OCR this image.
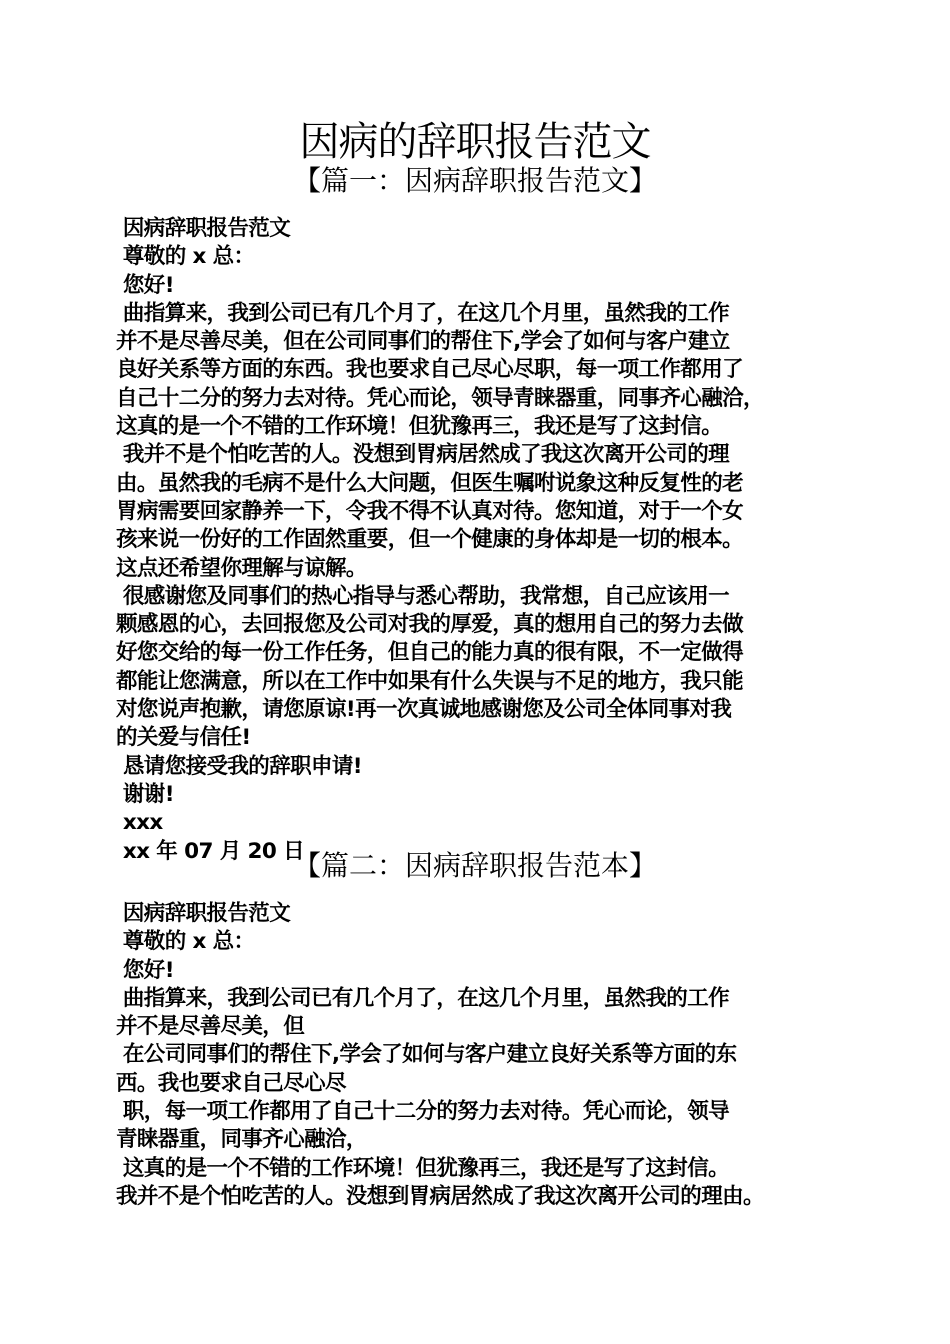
因病的辞职报告范文
【篇一：因病辞职报告范文】

因病辞职报告范文

尊敬的 x 总：

您好!

曲指算来，我到公司已有几个月了，在这几个月里，虽然我的工作

并不是尽善尽美，但在公司同事们的帮住下,学会了如何与客户建立

良好关系等方面的东西。我也要求自己尽心尽职，每一项工作都用了

自己十二分的努力去对待。凭心而论，领导青睐器重，同事齐心融洽，

这真的是一个不错的工作环境！但犹豫再三，我还是写了这封信。

我并不是个怕吃苦的人。没想到胃病居然成了我这次离开公司的理

由。虽然我的毛病不是什么大问题，但医生嘱咐说象这种反复性的老

胃病需要回家静养一下，令我不得不认真对待。您知道，对于一个女

孩来说一份好的工作固然重要，但一个健康的身体却是一切的根本。

这点还希望你理解与谅解。

很感谢您及同事们的热心指导与悉心帮助，我常想，自己应该用一

颗感恩的心，去回报您及公司对我的厚爱，真的想用自己的努力去做

好您交给的每一份工作任务，但自己的能力真的很有限，不一定做得

都能让您满意，所以在工作中如果有什么失误与不足的地方，我只能

对您说声抱歉，请您原谅!再一次真诚地感谢您及公司全体同事对我

的关爱与信任!

恳请您接受我的辞职申请!

谢谢!

xxx

xx 年 07 月 20 日

【篇二：因病辞职报告范本】

因病辞职报告范文

尊敬的 x 总：

您好!

曲指算来，我到公司已有几个月了，在这几个月里，虽然我的工作

并不是尽善尽美，但

在公司同事们的帮住下,学会了如何与客户建立良好关系等方面的东

西。我也要求自己尽心尽

职，每一项工作都用了自己十二分的努力去对待。凭心而论，领导

青睐器重，同事齐心融洽，

这真的是一个不错的工作环境！但犹豫再三，我还是写了这封信。

我并不是个怕吃苦的人。没想到胃病居然成了我这次离开公司的理由。
